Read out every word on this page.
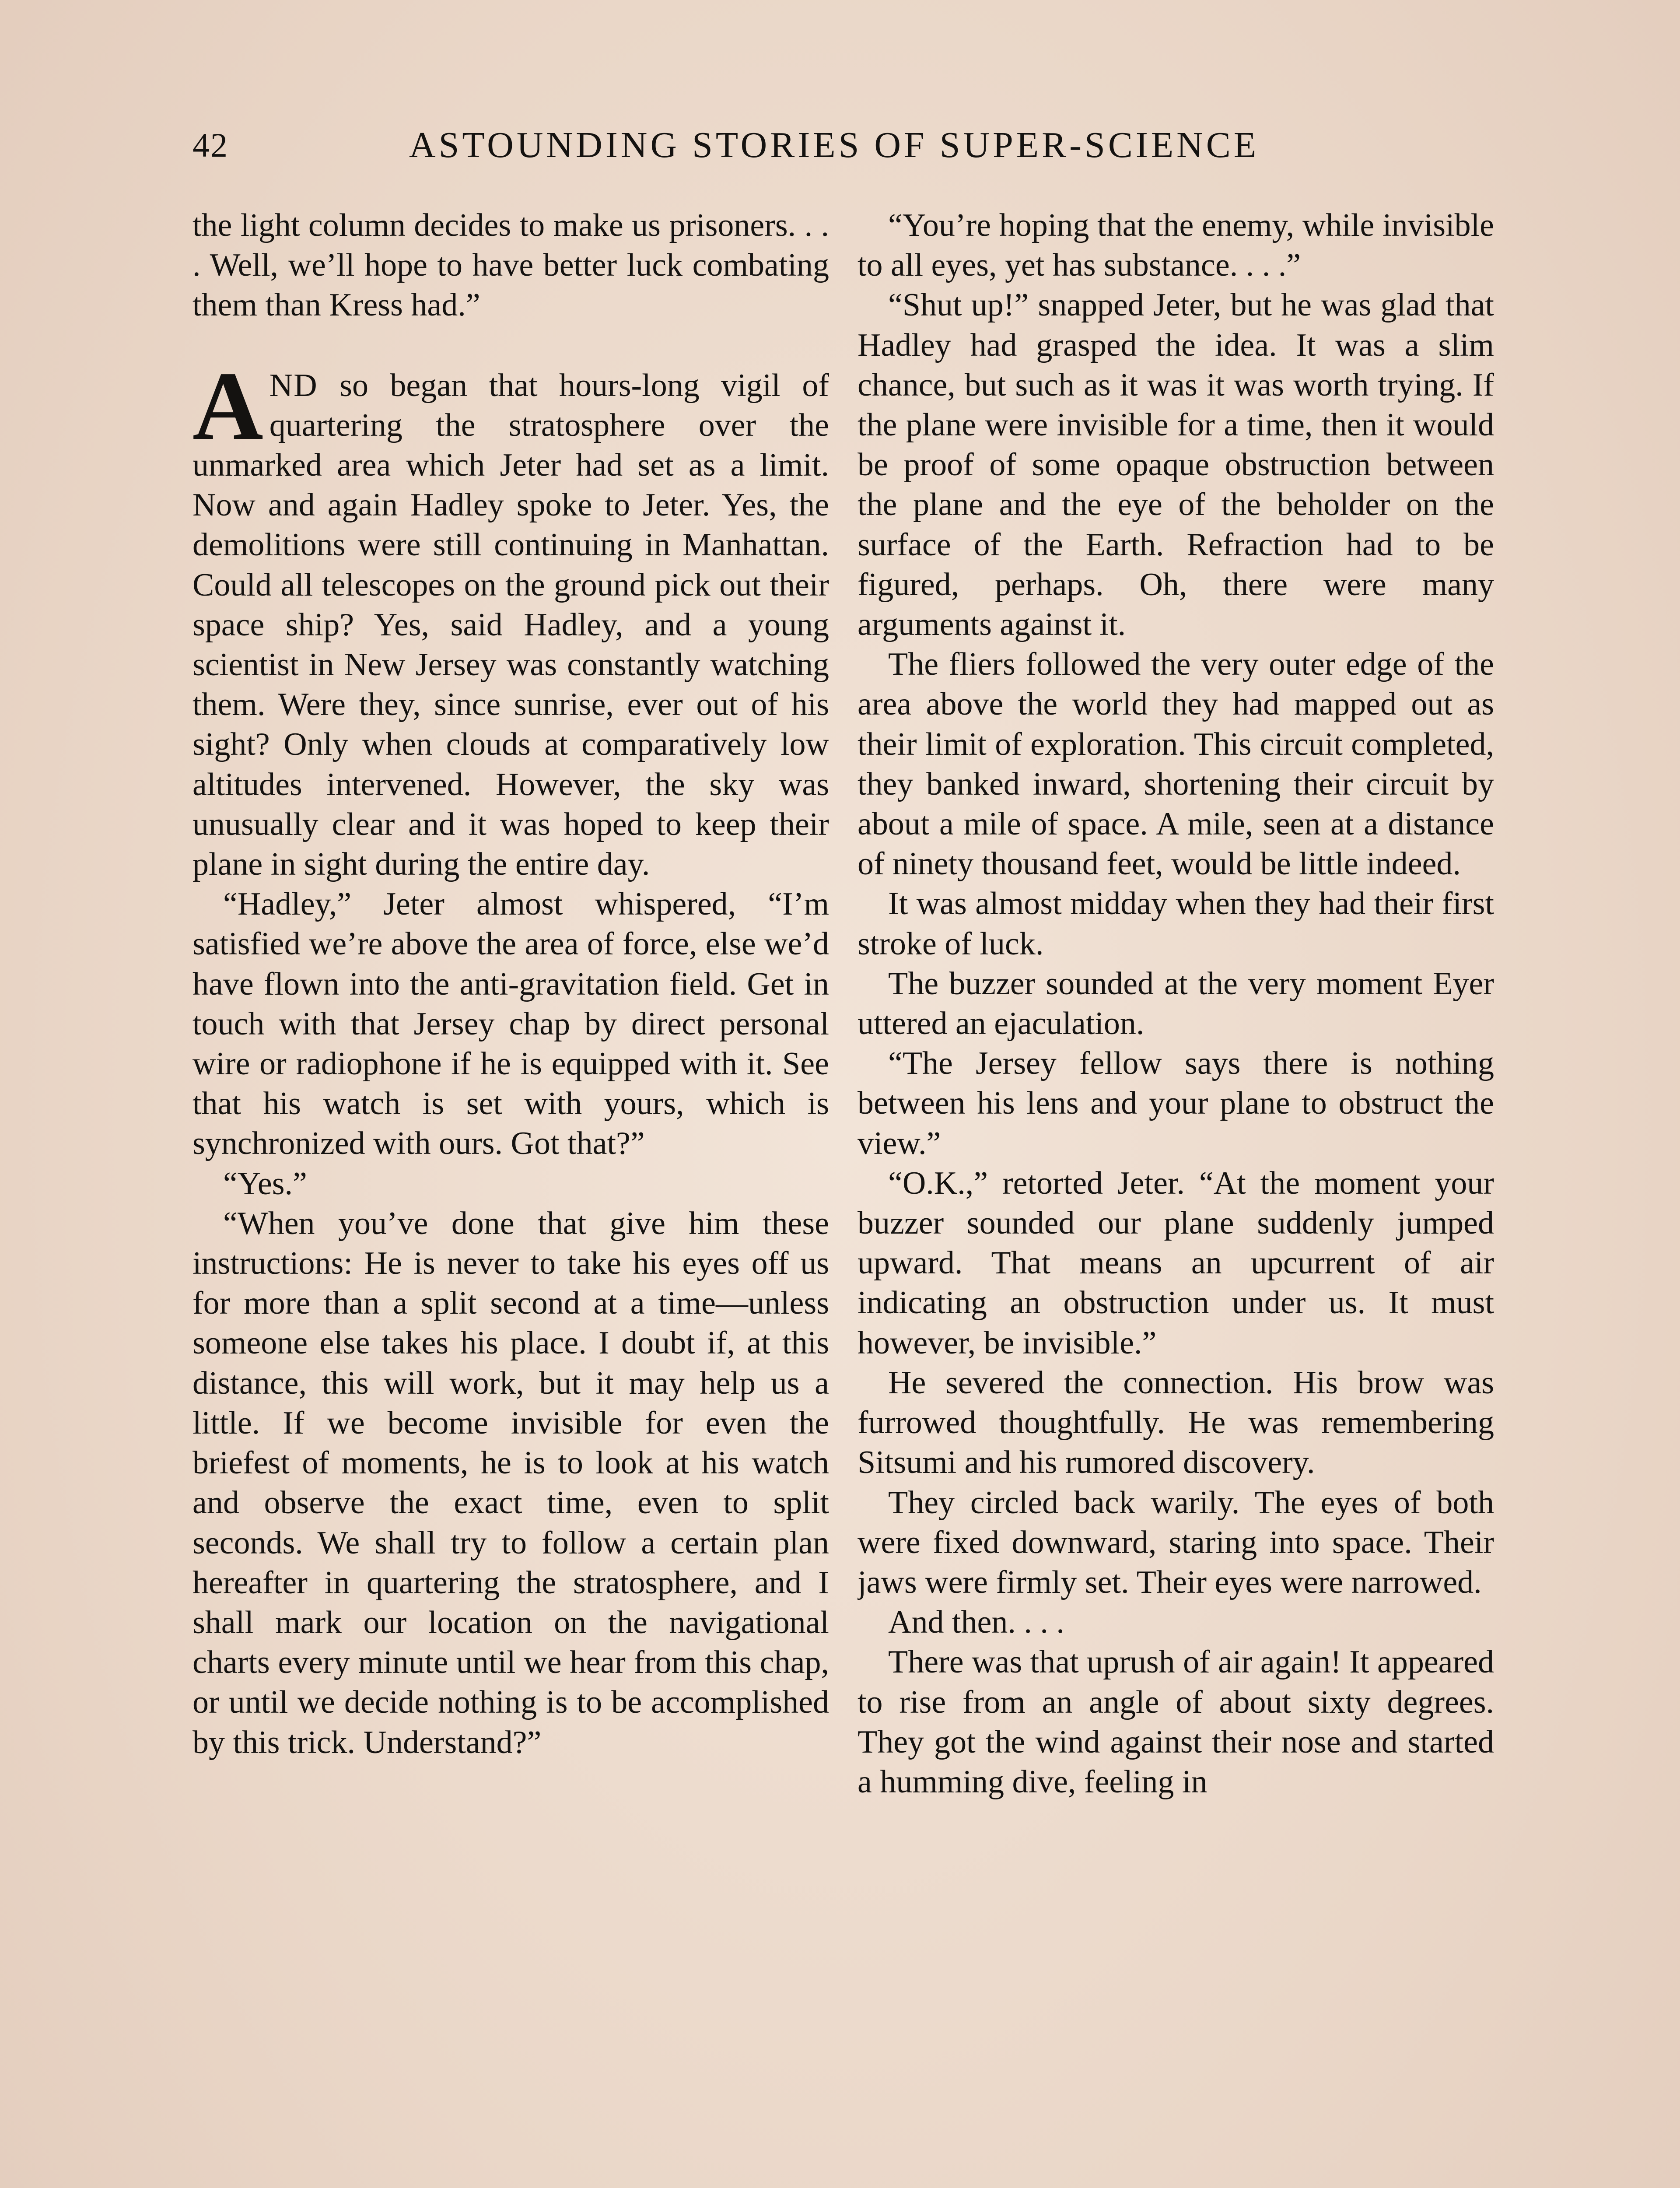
42	ASTOUNDING STORIES OF SUPER-SCIENCE

the light column decides to make us prisoners. . . . Well, we’ll hope to have better luck combating them than Kress had.”

AND so began that hours-long vigil of quartering the stratosphere over the unmarked area which Jeter had set as a limit. Now and again Hadley spoke to Jeter. Yes, the demolitions were still continuing in Manhattan. Could all telescopes on the ground pick out their space ship? Yes, said Hadley, and a young scientist in New Jersey was constantly watching them. Were they, since sunrise, ever out of his sight? Only when clouds at comparatively low altitudes intervened. However, the sky was unusually clear and it was hoped to keep their plane in sight during the entire day.

“Hadley,” Jeter almost whispered, “I’m satisfied we’re above the area of force, else we’d have flown into the anti-gravitation field. Get in touch with that Jersey chap by direct personal wire or radiophone if he is equipped with it. See that his watch is set with yours, which is synchronized with ours. Got that?”

“Yes.”

“When you’ve done that give him these instructions: He is never to take his eyes off us for more than a split second at a time—unless someone else takes his place. I doubt if, at this distance, this will work, but it may help us a little. If we become invisible for even the briefest of moments, he is to look at his watch and observe the exact time, even to split seconds. We shall try to follow a certain plan hereafter in quartering the stratosphere, and I shall mark our location on the navigational charts every minute until we hear from this chap, or until we decide nothing is to be accomplished by this trick. Understand?”

“You’re hoping that the enemy, while invisible to all eyes, yet has substance. . . .”

“Shut up!” snapped Jeter, but he was glad that Hadley had grasped the idea. It was a slim chance, but such as it was it was worth trying. If the plane were invisible for a time, then it would be proof of some opaque obstruction between the plane and the eye of the beholder on the surface of the Earth. Refraction had to be figured, perhaps. Oh, there were many arguments against it.

The fliers followed the very outer edge of the area above the world they had mapped out as their limit of exploration. This circuit completed, they banked inward, shortening their circuit by about a mile of space. A mile, seen at a distance of ninety thousand feet, would be little indeed.

It was almost midday when they had their first stroke of luck.

The buzzer sounded at the very moment Eyer uttered an ejaculation.

“The Jersey fellow says there is nothing between his lens and your plane to obstruct the view.”

“O.K.,” retorted Jeter. “At the moment your buzzer sounded our plane suddenly jumped upward. That means an upcurrent of air indicating an obstruction under us. It must however, be invisible.”

He severed the connection. His brow was furrowed thoughtfully. He was remembering Sitsumi and his rumored discovery.

They circled back warily. The eyes of both were fixed downward, staring into space. Their jaws were firmly set. Their eyes were narrowed.

And then. . . .

There was that uprush of air again! It appeared to rise from an angle of about sixty degrees. They got the wind against their nose and started a humming dive, feeling in
